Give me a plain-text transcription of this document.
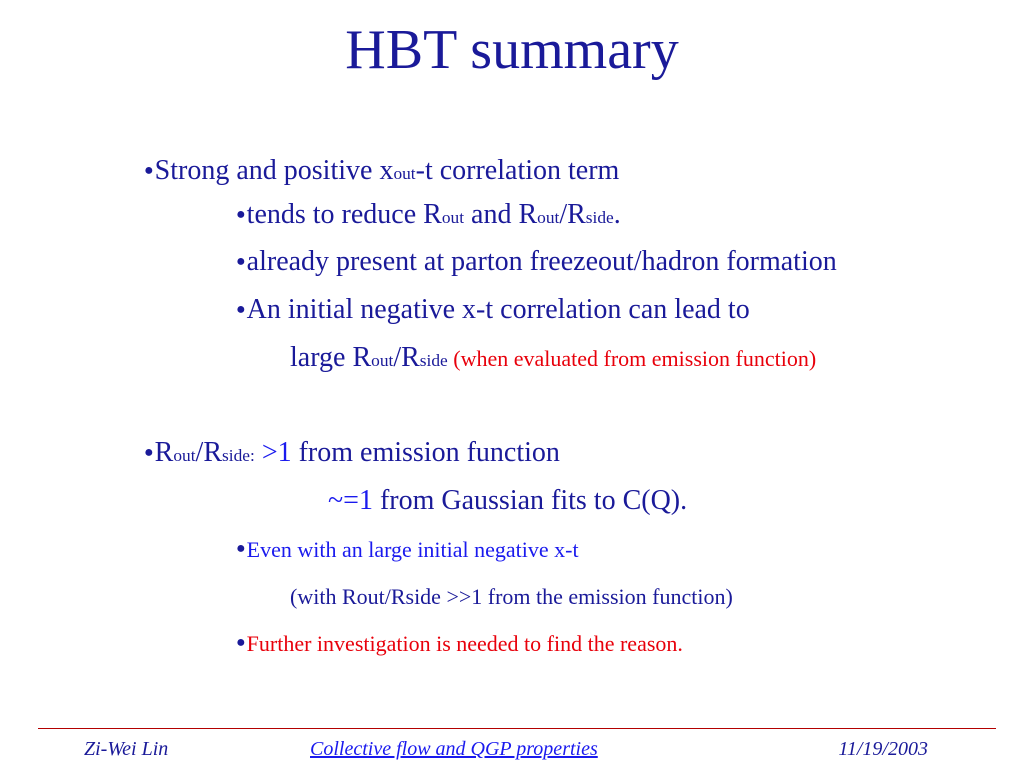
HBT summary
●Strong and positive xout-t correlation term
●tends to reduce Rout and Rout/Rside.
●already present at parton freezeout/hadron formation
●An initial negative x-t correlation can lead to
large Rout/Rside (when evaluated from emission function)
●Rout/Rside: >1 from emission function
~=1 from Gaussian fits to C(Q).
●Even with an large initial negative x-t
(with Rout/Rside >>1 from the emission function)
●Further investigation is needed to find the reason.
Zi-Wei Lin	Collective flow and QGP properties	11/19/2003
